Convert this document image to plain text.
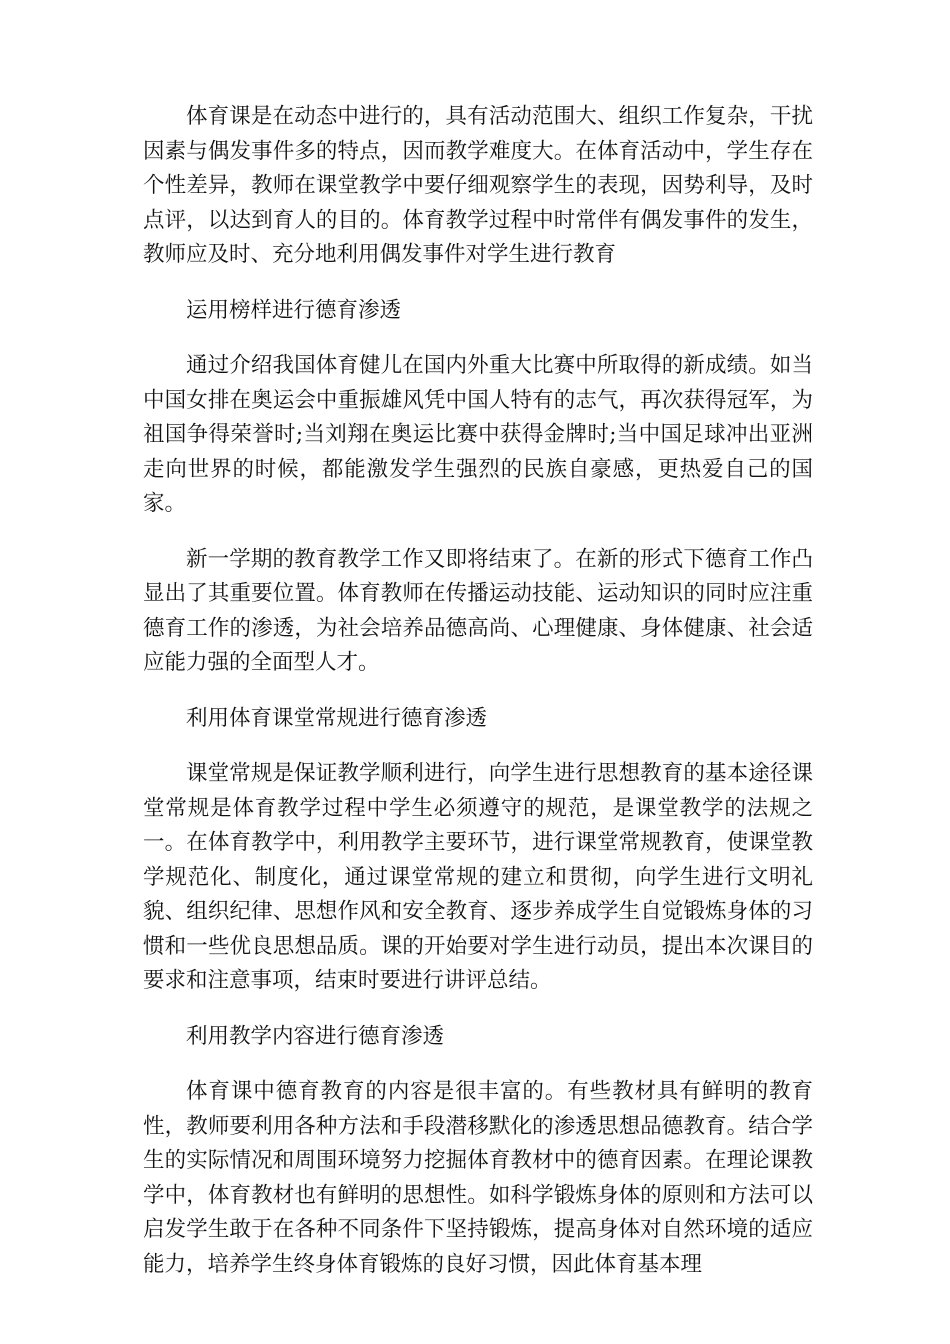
体育课是在动态中进行的，具有活动范围大、组织工作复杂，干扰因素与偶发事件多的特点，因而教学难度大。在体育活动中，学生存在个性差异，教师在课堂教学中要仔细观察学生的表现，因势利导，及时点评，以达到育人的目的。体育教学过程中时常伴有偶发事件的发生，教师应及时、充分地利用偶发事件对学生进行教育

运用榜样进行德育渗透

通过介绍我国体育健儿在国内外重大比赛中所取得的新成绩。如当中国女排在奥运会中重振雄风凭中国人特有的志气，再次获得冠军，为祖国争得荣誉时;当刘翔在奥运比赛中获得金牌时;当中国足球冲出亚洲走向世界的时候，都能激发学生强烈的民族自豪感，更热爱自己的国家。

新一学期的教育教学工作又即将结束了。在新的形式下德育工作凸显出了其重要位置。体育教师在传播运动技能、运动知识的同时应注重德育工作的渗透，为社会培养品德高尚、心理健康、身体健康、社会适应能力强的全面型人才。

利用体育课堂常规进行德育渗透

课堂常规是保证教学顺利进行，向学生进行思想教育的基本途径课堂常规是体育教学过程中学生必须遵守的规范，是课堂教学的法规之一。在体育教学中，利用教学主要环节，进行课堂常规教育，使课堂教学规范化、制度化，通过课堂常规的建立和贯彻，向学生进行文明礼貌、组织纪律、思想作风和安全教育、逐步养成学生自觉锻炼身体的习惯和一些优良思想品质。课的开始要对学生进行动员，提出本次课目的要求和注意事项，结束时要进行讲评总结。

利用教学内容进行德育渗透

体育课中德育教育的内容是很丰富的。有些教材具有鲜明的教育性，教师要利用各种方法和手段潜移默化的渗透思想品德教育。结合学生的实际情况和周围环境努力挖掘体育教材中的德育因素。在理论课教学中，体育教材也有鲜明的思想性。如科学锻炼身体的原则和方法可以启发学生敢于在各种不同条件下坚持锻炼，提高身体对自然环境的适应能力，培养学生终身体育锻炼的良好习惯，因此体育基本理
